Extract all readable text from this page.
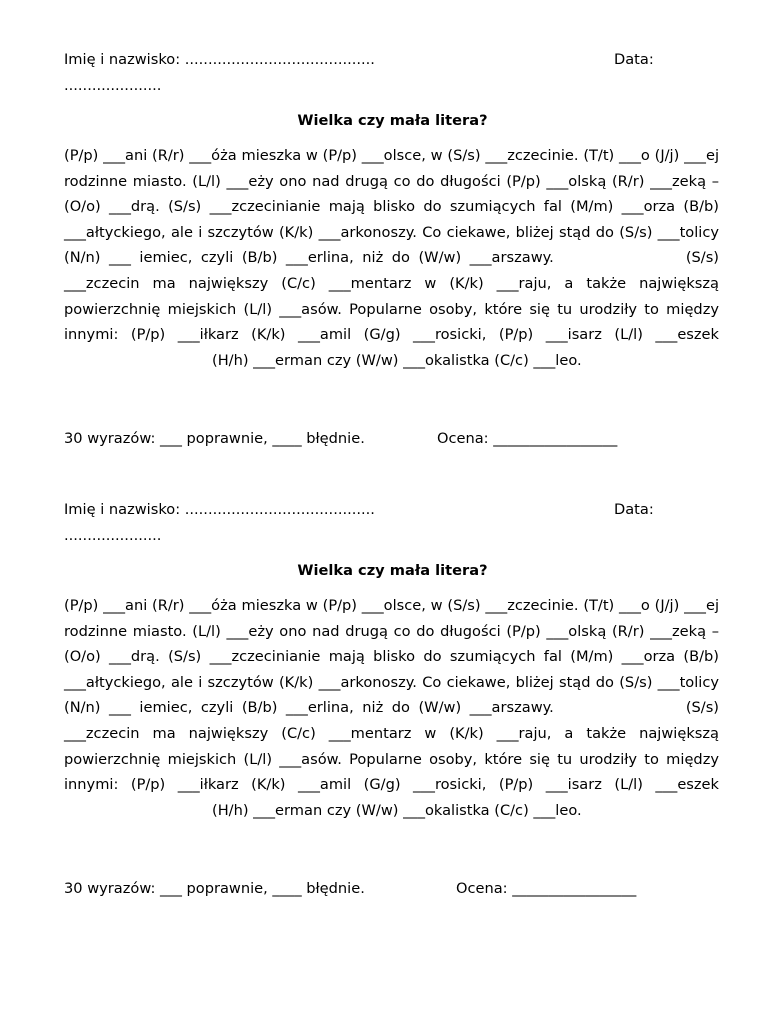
Imię i nazwisko: .........................................	Data:
.....................
Wielka czy mała litera?
(P/p) ___ani (R/r) ___óża mieszka w (P/p) ___olsce, w (S/s) ___zczecinie. (T/t) ___o (J/j) ___ej rodzinne miasto. (L/l) ___eży ono nad drugą co do długości (P/p) ___olską (R/r) ___zeką – (O/o) ___drą. (S/s) ___zczecinianie mają blisko do szumiących fal (M/m) ___orza (B/b) ___ałtyckiego, ale i szczytów (K/k) ___arkonoszy. Co ciekawe, bliżej stąd do (S/s) ___tolicy (N/n) ___ iemiec, czyli (B/b) ___erlina, niż do (W/w) ___arszawy.	(S/s) ___zczecin ma największy (C/c) ___mentarz w (K/k) ___raju, a także największą powierzchnię miejskich (L/l) ___asów. Popularne osoby, które się tu urodziły to między innymi: (P/p) ___iłkarz (K/k) ___amil (G/g) ___rosicki, (P/p) ___isarz (L/l) ___eszek(H/h) ___erman czy (W/w) ___okalistka (C/c) ___leo.
30 wyrazów: ___ poprawnie, ____ błędnie.	Ocena: _________________
Imię i nazwisko: .........................................	Data:
.....................
Wielka czy mała litera?
(P/p) ___ani (R/r) ___óża mieszka w (P/p) ___olsce, w (S/s) ___zczecinie. (T/t) ___o (J/j) ___ej rodzinne miasto. (L/l) ___eży ono nad drugą co do długości (P/p) ___olską (R/r) ___zeką – (O/o) ___drą. (S/s) ___zczecinianie mają blisko do szumiących fal (M/m) ___orza (B/b) ___ałtyckiego, ale i szczytów (K/k) ___arkonoszy. Co ciekawe, bliżej stąd do (S/s) ___tolicy (N/n) ___ iemiec, czyli (B/b) ___erlina, niż do (W/w) ___arszawy.	(S/s) ___zczecin ma największy (C/c) ___mentarz w (K/k) ___raju, a także największą powierzchnię miejskich (L/l) ___asów. Popularne osoby, które się tu urodziły to między innymi: (P/p) ___iłkarz (K/k) ___amil (G/g) ___rosicki, (P/p) ___isarz (L/l) ___eszek(H/h) ___erman czy (W/w) ___okalistka (C/c) ___leo.
30 wyrazów: ___ poprawnie, ____ błędnie.	Ocena: _________________
